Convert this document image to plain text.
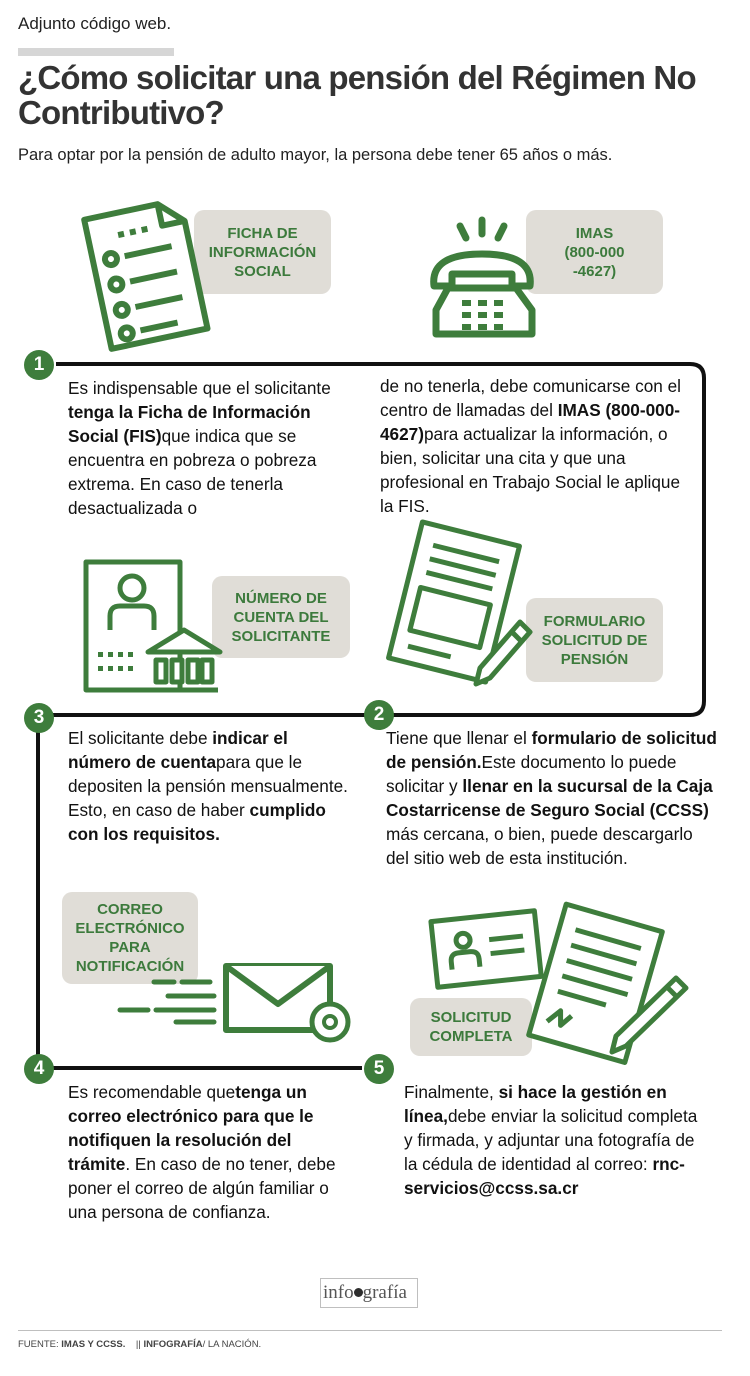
Adjunto código web.
¿Cómo solicitar una pensión del Régimen No Contributivo?
Para optar por la pensión de adulto mayor, la persona debe tener 65 años o más.
1
2
3
4	5
FICHA DE
INFORMACIÓN
SOCIAL
IMAS
(800-000
-4627)
NÚMERO DE
CUENTA DEL
SOLICITANTE
FORMULARIO
SOLICITUD DE
PENSIÓN
CORREO
ELECTRÓNICO
PARA
NOTIFICACIÓN
SOLICITUD
COMPLETA
Es indispensable que el solicitante tenga la Ficha de Información Social (FIS)que indica que se encuentra en pobreza o pobreza extrema. En caso de tenerla desactualizada o
de no tenerla, debe comunicarse con el centro de llamadas del IMAS (800-000-4627)para actualizar la información, o bien, solicitar una cita y que una profesional en Trabajo Social le aplique la FIS.
Tiene que llenar el formulario de solicitud de pensión.Este documento lo puede solicitar y llenar en la sucursal de la Caja Costarricense de Seguro Social (CCSS) más cercana, o bien, puede descargarlo del sitio web de esta institución.
El solicitante debe indicar el número de cuentapara que le depositen la pensión mensualmente. Esto, en caso de haber cumplido con los requisitos.
Es recomendable quetenga un correo electrónico para que le notifiquen la resolución del trámite. En caso de no tener, debe poner el correo de algún familiar o una persona de confianza.
Finalmente, si hace la gestión en línea,debe enviar la solicitud completa y firmada, y adjuntar una fotografía de la cédula de identidad al correo: rnc-servicios@ccss.sa.cr
info grafía
FUENTE: IMAS Y CCSS. || INFOGRAFÍA/ LA NACIÓN.
